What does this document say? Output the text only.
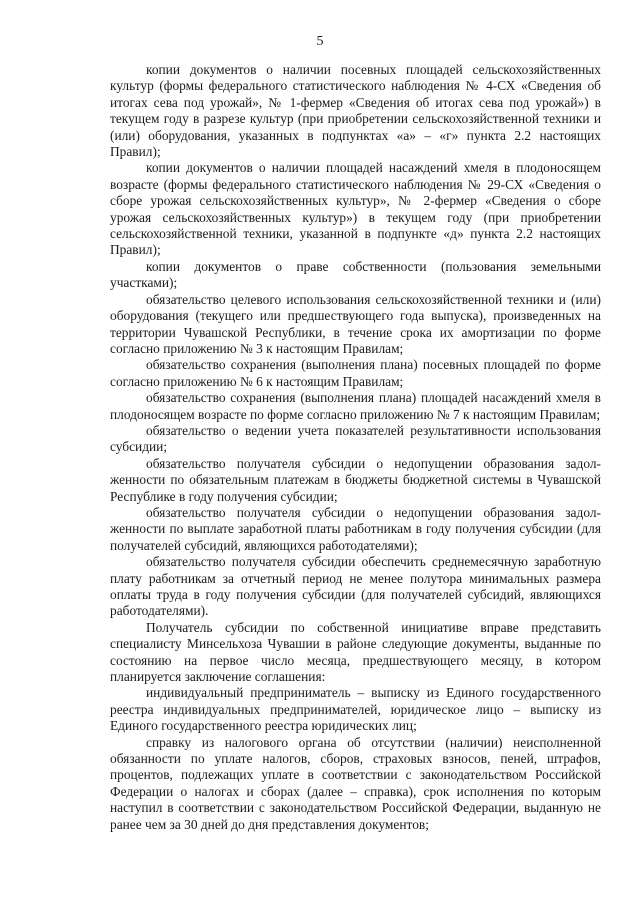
5

копии документов о наличии посевных площадей сельскохозяйственных культур (формы федерального статистического наблюдения № 4-СХ «Сведения об итогах сева под урожай», № 1-фермер «Сведения об итогах сева под урожай») в текущем году в разрезе культур (при приобретении сельскохозяйственной техники и (или) оборудования, указанных в подпунктах «а» – «г» пункта 2.2 настоящих Правил);

копии документов о наличии площадей насаждений хмеля в плодоносящем возрасте (формы федерального статистического наблюдения № 29-СХ «Сведения о сборе урожая сельскохозяйственных культур», № 2-фермер «Сведения о сборе урожая сельскохозяйственных культур») в текущем году (при приобретении сельскохозяйственной техники, указанной в подпункте «д» пункта 2.2 настоящих Правил);

копии документов о праве собственности (пользования земельными участками);

обязательство целевого использования сельскохозяйственной техники и (или) оборудования (текущего или предшествующего года выпуска), произведенных на территории Чувашской Республики, в течение срока их амортизации по форме согласно приложению № 3 к настоящим Правилам;

обязательство сохранения (выполнения плана) посевных площадей по форме согласно приложению № 6 к настоящим Правилам;

обязательство сохранения (выполнения плана) площадей насаждений хмеля в плодоносящем возрасте по форме согласно приложению № 7 к настоящим Правилам;

обязательство о ведении учета показателей результативности использования субсидии;

обязательство получателя субсидии о недопущении образования задолженности по обязательным платежам в бюджеты бюджетной системы в Чувашской Республике в году получения субсидии;

обязательство получателя субсидии о недопущении образования задолженности по выплате заработной платы работникам в году получения субсидии (для получателей субсидий, являющихся работодателями);

обязательство получателя субсидии обеспечить среднемесячную заработную плату работникам за отчетный период не менее полутора минимальных размера оплаты труда в году получения субсидии (для получателей субсидий, являющихся работодателями).

Получатель субсидии по собственной инициативе вправе представить специалисту Минсельхоза Чувашии в районе следующие документы, выданные по состоянию на первое число месяца, предшествующего месяцу, в котором планируется заключение соглашения:

индивидуальный предприниматель – выписку из Единого государственного реестра индивидуальных предпринимателей, юридическое лицо – выписку из Единого государственного реестра юридических лиц;

справку из налогового органа об отсутствии (наличии) неисполненной обязанности по уплате налогов, сборов, страховых взносов, пеней, штрафов, процентов, подлежащих уплате в соответствии с законодательством Российской Федерации о налогах и сборах (далее – справка), срок исполнения по которым наступил в соответствии с законодательством Российской Федерации, выданную не ранее чем за 30 дней до дня представления документов;
